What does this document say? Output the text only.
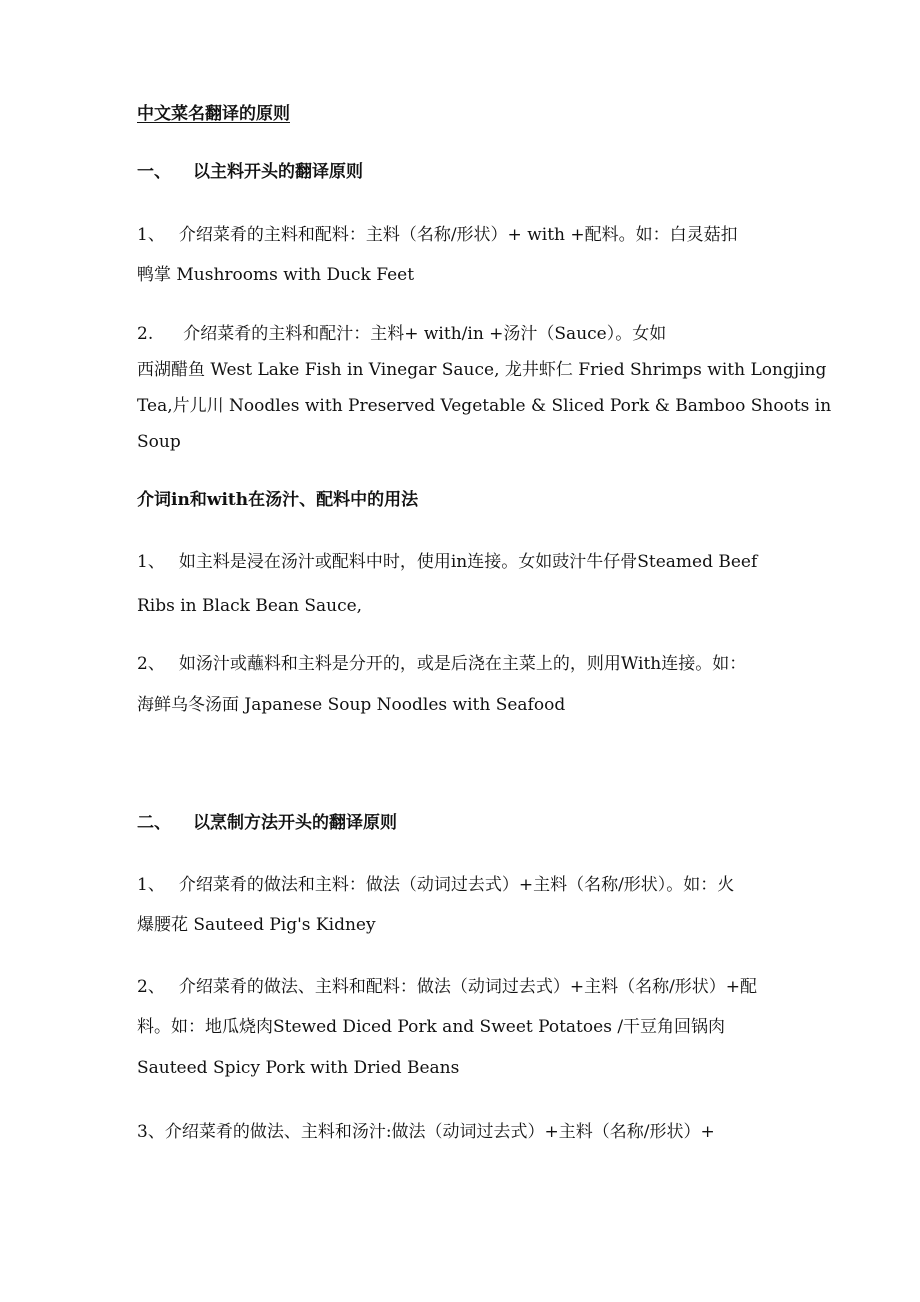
中文菜名翻译的原则
一、 以主料开头的翻译原则
1、 介绍菜肴的主料和配料：主料（名称/形状）+ with +配料。如：白灵菇扣
鸭掌 Mushrooms with Duck Feet
2. 介绍菜肴的主料和配汁：主料+ with/in +汤汁（Sauce）。女如
西湖醋鱼 West Lake Fish in Vinegar Sauce, 龙井虾仁 Fried Shrimps with Longjing
Tea,片儿川 Noodles with Preserved Vegetable & Sliced Pork & Bamboo Shoots in
Soup
介词in和with在汤汁、配料中的用法
1、 如主料是浸在汤汁或配料中时，使用in连接。女如豉汁牛仔骨Steamed Beef
Ribs in Black Bean Sauce,
2、 如汤汁或蘸料和主料是分开的，或是后浇在主菜上的，则用With连接。如：
海鲜乌冬汤面 Japanese Soup Noodles with Seafood
二、 以烹制方法开头的翻译原则
1、 介绍菜肴的做法和主料：做法（动词过去式）+主料（名称/形状）。如：火
爆腰花 Sauteed Pig's Kidney
2、 介绍菜肴的做法、主料和配料：做法（动词过去式）+主料（名称/形状）+配
料。如：地瓜烧肉Stewed Diced Pork and Sweet Potatoes /干豆角回锅肉
Sauteed Spicy Pork with Dried Beans
3、介绍菜肴的做法、主料和汤汁:做法（动词过去式）+主料（名称/形状）+
